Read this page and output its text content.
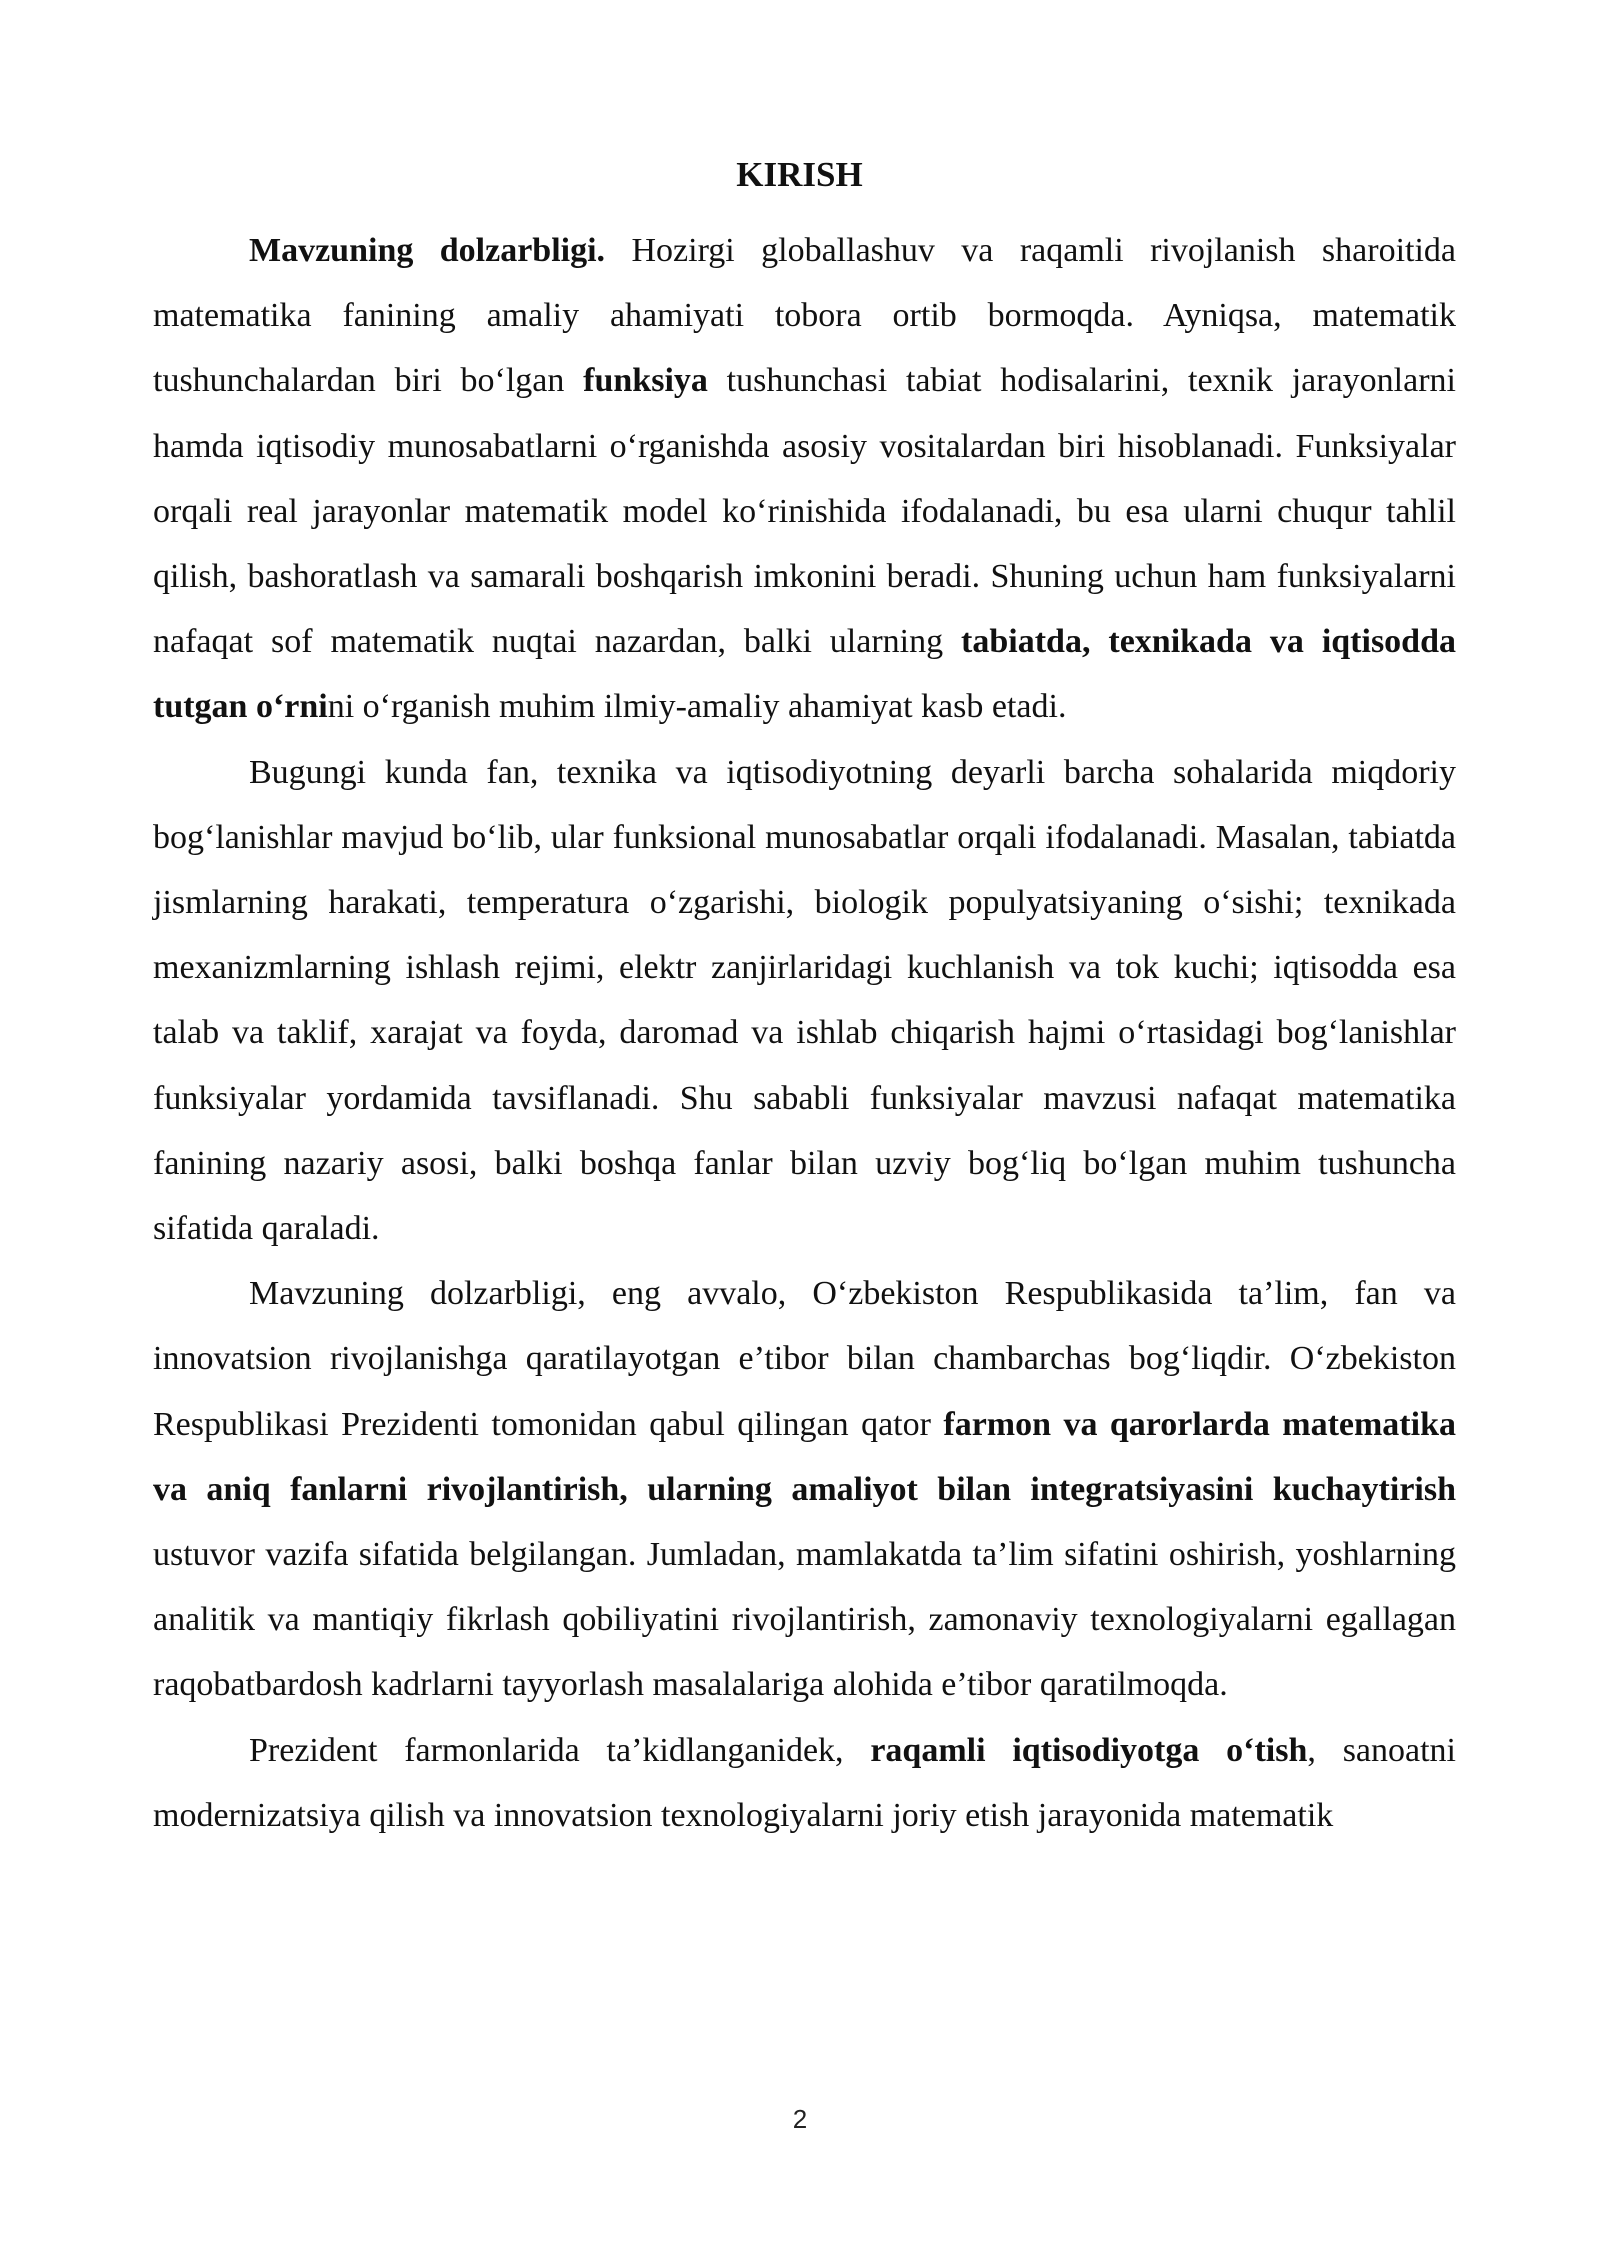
KIRISH

Mavzuning dolzarbligi. Hozirgi globallashuv va raqamli rivojlanish sharoitida matematika fanining amaliy ahamiyati tobora ortib bormoqda. Ayniqsa, matematik tushunchalardan biri bo‘lgan funksiya tushunchasi tabiat hodisalarini, texnik jarayonlarni hamda iqtisodiy munosabatlarni o‘rganishda asosiy vositalardan biri hisoblanadi. Funksiyalar orqali real jarayonlar matematik model ko‘rinishida ifodalanadi, bu esa ularni chuqur tahlil qilish, bashoratlash va samarali boshqarish imkonini beradi. Shuning uchun ham funksiyalarni nafaqat sof matematik nuqtai nazardan, balki ularning tabiatda, texnikada va iqtisodda tutgan o‘rnini o‘rganish muhim ilmiy-amaliy ahamiyat kasb etadi.

Bugungi kunda fan, texnika va iqtisodiyotning deyarli barcha sohalarida miqdoriy bog‘lanishlar mavjud bo‘lib, ular funksional munosabatlar orqali ifodalanadi. Masalan, tabiatda jismlarning harakati, temperatura o‘zgarishi, biologik populyatsiyaning o‘sishi; texnikada mexanizmlarning ishlash rejimi, elektr zanjirlaridagi kuchlanish va tok kuchi; iqtisodda esa talab va taklif, xarajat va foyda, daromad va ishlab chiqarish hajmi o‘rtasidagi bog‘lanishlar funksiyalar yordamida tavsiflanadi. Shu sababli funksiyalar mavzusi nafaqat matematika fanining nazariy asosi, balki boshqa fanlar bilan uzviy bog‘liq bo‘lgan muhim tushuncha sifatida qaraladi.

Mavzuning dolzarbligi, eng avvalo, O‘zbekiston Respublikasida ta’lim, fan va innovatsion rivojlanishga qaratilayotgan e’tibor bilan chambarchas bog‘liqdir. O‘zbekiston Respublikasi Prezidenti tomonidan qabul qilingan qator farmon va qarorlarda matematika va aniq fanlarni rivojlantirish, ularning amaliyot bilan integratsiyasini kuchaytirish ustuvor vazifa sifatida belgilangan. Jumladan, mamlakatda ta’lim sifatini oshirish, yoshlarning analitik va mantiqiy fikrlash qobiliyatini rivojlantirish, zamonaviy texnologiyalarni egallagan raqobatbardosh kadrlarni tayyorlash masalalariga alohida e’tibor qaratilmoqda.

Prezident farmonlarida ta’kidlanganidek, raqamli iqtisodiyotga o‘tish, sanoatni modernizatsiya qilish va innovatsion texnologiyalarni joriy etish jarayonida matematik

2
